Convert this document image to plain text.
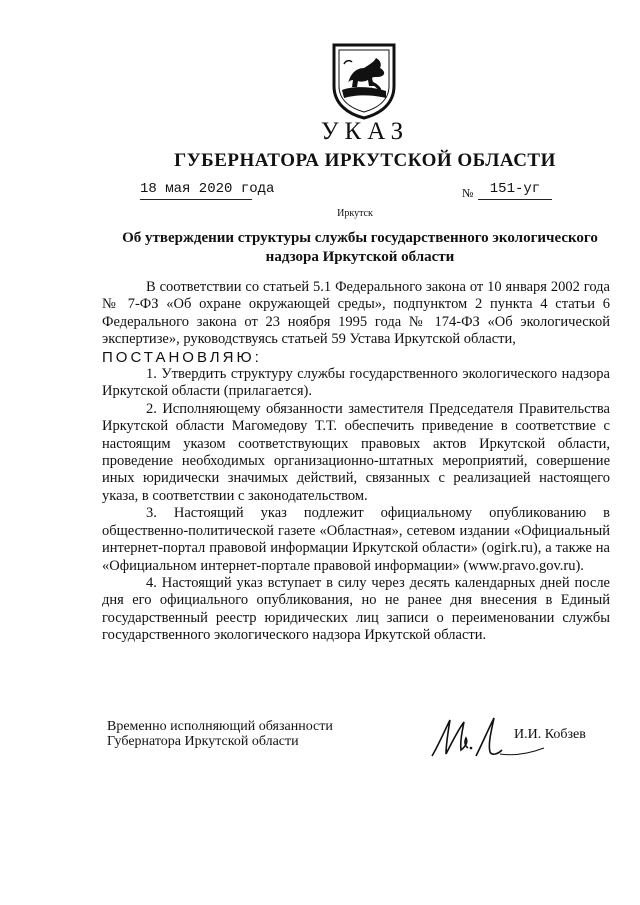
УКАЗ
ГУБЕРНАТОРА ИРКУТСКОЙ ОБЛАСТИ
18 мая 2020 года	№	151-уг
Иркутск
Об утверждении структуры службы государственного экологического
надзора Иркутской области

В соответствии со статьей 5.1 Федерального закона от 10 января 2002 года № 7-ФЗ «Об охране окружающей среды», подпунктом 2 пункта 4 статьи 6 Федерального закона от 23 ноября 1995 года № 174-ФЗ «Об экологической экспертизе», руководствуясь статьей 59 Устава Иркутской области,

ПОСТАНОВЛЯЮ:

1. Утвердить структуру службы государственного экологического надзора Иркутской области (прилагается).

2. Исполняющему обязанности заместителя Председателя Правительства Иркутской области Магомедову Т.Т. обеспечить приведение в соответствие с настоящим указом соответствующих правовых актов Иркутской области, проведение необходимых организационно-штатных мероприятий, совершение иных юридически значимых действий, связанных с реализацией настоящего указа, в соответствии с законодательством.

3. Настоящий указ подлежит официальному опубликованию в общественно-политической газете «Областная», сетевом издании «Официальный интернет-портал правовой информации Иркутской области» (ogirk.ru), а также на «Официальном интернет-портале правовой информации» (www.pravo.gov.ru).

4. Настоящий указ вступает в силу через десять календарных дней после дня его официального опубликования, но не ранее дня внесения в Единый государственный реестр юридических лиц записи о переименовании службы государственного экологического надзора Иркутской области.

Временно исполняющий обязанности
Губернатора Иркутской области	И.И. Кобзев
